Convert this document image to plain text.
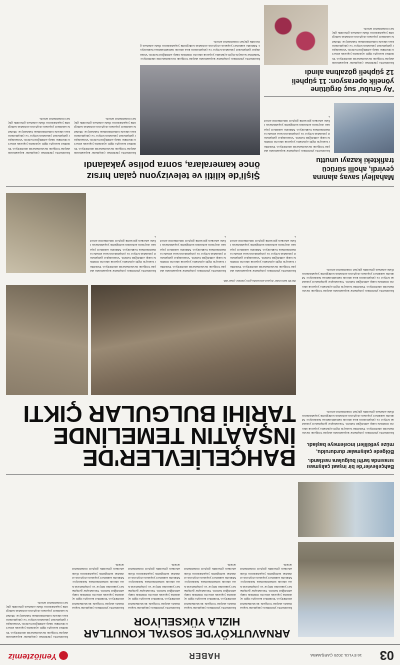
03
16 EYLÜL 2020 ÇARŞAMBA
HABER
Yeniöztemiz
ARNAVUTKÖY'DE SOSYAL KONUTLAR HIZLA YÜKSELİYOR
İstanbul'da yürütülen çalışmalar kapsamında ekipler bölgede incelemelerini sürdürüyor. Yetkililer konuyla ilgili açıklama yaparak sürecin titizlikle takip edildiğini belirtti. Vatandaşlar gelişmeleri yakından izliyor ve çalışmaların kısa sürede tamamlanması bekleniyor. Mahalle sakinleri yaşanan olayların ardından tedirginlik yaşadıklarını ifade ederken güvenlik güçleri önlemlerini artırdı.
İstanbul'da yürütülen çalışmalar kapsamında ekipler bölgede incelemelerini sürdürüyor. Yetkililer konuyla ilgili açıklama yaparak sürecin titizlikle takip edildiğini belirtti. Vatandaşlar gelişmeleri yakından izliyor ve çalışmaların kısa sürede tamamlanması bekleniyor. Mahalle sakinleri yaşanan olayların ardından tedirginlik yaşadıklarını ifade ederken güvenlik güçleri önlemlerini artırdı.
İstanbul'da yürütülen çalışmalar kapsamında ekipler bölgede incelemelerini sürdürüyor. Yetkililer konuyla ilgili açıklama yaparak sürecin titizlikle takip edildiğini belirtti. Vatandaşlar gelişmeleri yakından izliyor ve çalışmaların kısa sürede tamamlanması bekleniyor. Mahalle sakinleri yaşanan olayların ardından tedirginlik yaşadıklarını ifade ederken güvenlik güçleri önlemlerini artırdı.
İstanbul'da yürütülen çalışmalar kapsamında ekipler bölgede incelemelerini sürdürüyor. Yetkililer konuyla ilgili açıklama yaparak sürecin titizlikle takip edildiğini belirtti. Vatandaşlar gelişmeleri yakından izliyor ve çalışmaların kısa sürede tamamlanması bekleniyor. Mahalle sakinleri yaşanan olayların ardından tedirginlik yaşadıklarını ifade ederken güvenlik güçleri önlemlerini artırdı.
İstanbul'da yürütülen çalışmalar kapsamında ekipler bölgede incelemelerini sürdürüyor. Yetkililer konuyla ilgili açıklama yaparak sürecin titizlikle takip edildiğini belirtti. Vatandaşlar gelişmeleri yakından izliyor ve çalışmaların kısa sürede tamamlanması bekleniyor. Mahalle sakinleri yaşanan olayların ardından tedirginlik yaşadıklarını ifade ederken güvenlik güçleri önlemlerini artırdı.
BAHÇELİEVLER'DE
İNŞAATIN TEMELİNDE
TARİHİ BULGULAR ÇIKTI
Bahçelievler'de bir inşaat çalışması sırasında tarihi bulgulara rastlandı.
Bölgede çalışmalar durduruldu, müze yetkilileri incelemeye başladı.
İstanbul'da yürütülen çalışmalar kapsamında ekipler bölgede incelemelerini sürdürüyor. Yetkililer konuyla ilgili açıklama yaparak sürecin titizlikle takip edildiğini belirtti. Vatandaşlar gelişmeleri yakından izliyor ve çalışmaların kısa sürede tamamlanması bekleniyor. Mahalle sakinleri yaşanan olayların ardından tedirginlik yaşadıklarını ifade ederken güvenlik güçleri önlemlerini artırdı.
İstanbul'da yürütülen çalışmalar kapsamında ekipler bölgede incelemelerini sürdürüyor. Yetkililer konuyla ilgili açıklama yaparak sürecin titizlikle takip edildiğini belirtti. Vatandaşlar gelişmeleri yakından izliyor ve çalışmaların kısa sürede tamamlanması bekleniyor. Mahalle sakinleri yaşanan olayların ardından tedirginlik yaşadıklarını ifade ederken güvenlik güçleri önlemlerini artırdı.
Tarihi kalıntılar inşaat alanında gün yüzüne çıkarıldı.
İstanbul'da yürütülen çalışmalar kapsamında ekipler bölgede incelemelerini sürdürüyor. Yetkililer konuyla ilgili açıklama yaparak sürecin titizlikle takip edildiğini belirtti. Vatandaşlar gelişmeleri yakından izliyor ve çalışmaların kısa sürede tamamlanması bekleniyor. Mahalle sakinleri yaşanan olayların ardından tedirginlik yaşadıklarını ifade ederken güvenlik güçleri önlemlerini artırdı.
İstanbul'da yürütülen çalışmalar kapsamında ekipler bölgede incelemelerini sürdürüyor. Yetkililer konuyla ilgili açıklama yaparak sürecin titizlikle takip edildiğini belirtti. Vatandaşlar gelişmeleri yakından izliyor ve çalışmaların kısa sürede tamamlanması bekleniyor. Mahalle sakinleri yaşanan olayların ardından tedirginlik yaşadıklarını ifade ederken güvenlik güçleri önlemlerini artırdı.
İstanbul'da yürütülen çalışmalar kapsamında ekipler bölgede incelemelerini sürdürüyor. Yetkililer konuyla ilgili açıklama yaparak sürecin titizlikle takip edildiğini belirtti. Vatandaşlar gelişmeleri yakından izliyor ve çalışmaların kısa sürede tamamlanması bekleniyor. Mahalle sakinleri yaşanan olayların ardından tedirginlik yaşadıklarını ifade ederken güvenlik güçleri önlemlerini artırdı.
Şişli'de kilitli ve televizyonu çalan hırsız
önce kameralara, sonra polise yakalandı
İstanbul'da yürütülen çalışmalar kapsamında ekipler bölgede incelemelerini sürdürüyor. Yetkililer konuyla ilgili açıklama yaparak sürecin titizlikle takip edildiğini belirtti. Vatandaşlar gelişmeleri yakından izliyor ve çalışmaların kısa sürede tamamlanması bekleniyor. Mahalle sakinleri yaşanan olayların ardından tedirginlik yaşadıklarını ifade ederken güvenlik güçleri önlemlerini artırdı.
İstanbul'da yürütülen çalışmalar kapsamında ekipler bölgede incelemelerini sürdürüyor. Yetkililer konuyla ilgili açıklama yaparak sürecin titizlikle takip edildiğini belirtti. Vatandaşlar gelişmeleri yakından izliyor ve çalışmaların kısa sürede tamamlanması bekleniyor. Mahalle sakinleri yaşanan olayların ardından tedirginlik yaşadıklarını ifade ederken güvenlik güçleri önlemlerini artırdı.
İstanbul'da yürütülen çalışmalar kapsamında ekipler bölgede incelemelerini sürdürüyor. Yetkililer konuyla ilgili açıklama yaparak sürecin titizlikle takip edildiğini belirtti. Vatandaşlar gelişmeleri yakından izliyor ve çalışmaların kısa sürede tamamlanması bekleniyor. Mahalle sakinleri yaşanan olayların ardından tedirginlik yaşadıklarını ifade ederken güvenlik güçleri önlemlerini artırdı.
Mahalleyi savaş alanına
çevirdi, aholli sürücü
trafikteki kazayı unuttu
İstanbul'da yürütülen çalışmalar kapsamında ekipler bölgede incelemelerini sürdürüyor. Yetkililer konuyla ilgili açıklama yaparak sürecin titizlikle takip edildiğini belirtti. Vatandaşlar gelişmeleri yakından izliyor ve çalışmaların kısa sürede tamamlanması bekleniyor. Mahalle sakinleri yaşanan olayların ardından tedirginlik yaşadıklarını ifade ederken güvenlik güçleri önlemlerini artırdı.
'Ay Grubu' suç örgütüne
yönelik operasyon: 11 şüpheli
12 şüpheli gözaltına alındı
İstanbul'da yürütülen çalışmalar kapsamında ekipler bölgede incelemelerini sürdürüyor. Yetkililer konuyla ilgili açıklama yaparak sürecin titizlikle takip edildiğini belirtti. Vatandaşlar gelişmeleri yakından izliyor ve çalışmaların kısa sürede tamamlanması bekleniyor. Mahalle sakinleri yaşanan olayların ardından tedirginlik yaşadıklarını ifade ederken güvenlik güçleri önlemlerini artırdı.
